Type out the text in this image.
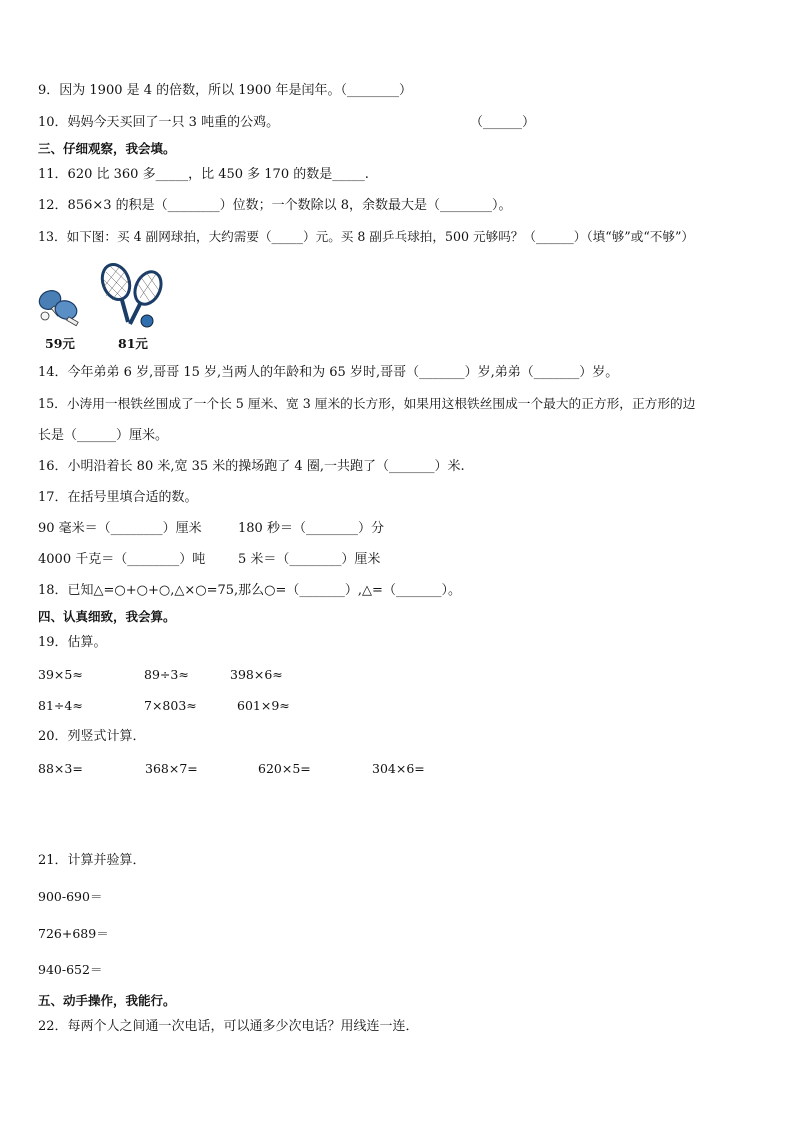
9．因为 1900 是 4 的倍数，所以 1900 年是闰年。（________）
10．妈妈今天买回了一只 3 吨重的公鸡。	（______）
三、仔细观察，我会填。
11．620 比 360 多_____，比 450 多 170 的数是_____.
12．856×3 的积是（________）位数；一个数除以 8，余数最大是（________）。
13．如下图：买 4 副网球拍，大约需要（_____）元。买 8 副乒乓球拍，500 元够吗？（______）（填“够”或“不够”）
59元	81元
14．今年弟弟 6 岁,哥哥 15 岁,当两人的年龄和为 65 岁时,哥哥（_______）岁,弟弟（_______）岁。
15．小涛用一根铁丝围成了一个长 5 厘米、宽 3 厘米的长方形，如果用这根铁丝围成一个最大的正方形，正方形的边
长是（______）厘米。
16．小明沿着长 80 米,宽 35 米的操场跑了 4 圈,一共跑了（_______）米.
17．在括号里填合适的数。
90 毫米＝（________）厘米	180 秒＝（________）分
4000 千克＝（________）吨	5 米＝（________）厘米
18．已知△=○+○+○,△×○=75,那么○=（_______）,△=（_______）。
四、认真细致，我会算。
19．估算。
39×5≈	89÷3≈	398×6≈
81÷4≈	7×803≈	601×9≈
20．列竖式计算．
88×3=	368×7=	620×5=	304×6=
21．计算并验算．
900-690＝
726+689＝
940-652＝
五、动手操作，我能行。
22．每两个人之间通一次电话，可以通多少次电话？用线连一连．
